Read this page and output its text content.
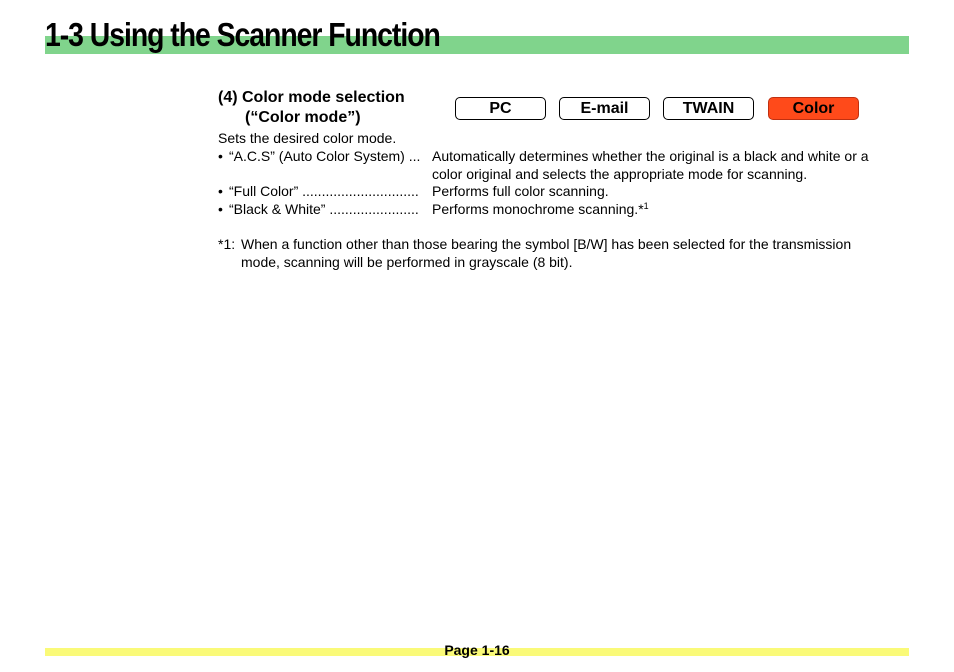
1-3 Using the Scanner Function
(4) Color mode selection
(“Color mode”)
PC	E-mail	TWAIN	Color

Sets the desired color mode.

• “A.C.S” (Auto Color System) ... Automatically determines whether the original is a black and white or a color original and selects the appropriate mode for scanning.
• “Full Color” .............................. Performs full color scanning.
• “Black & White” ....................... Performs monochrome scanning.*$^1$
*1: When a function other than those bearing the symbol [B/W] has been selected for the transmission mode, scanning will be performed in grayscale (8 bit).
Page 1-16
